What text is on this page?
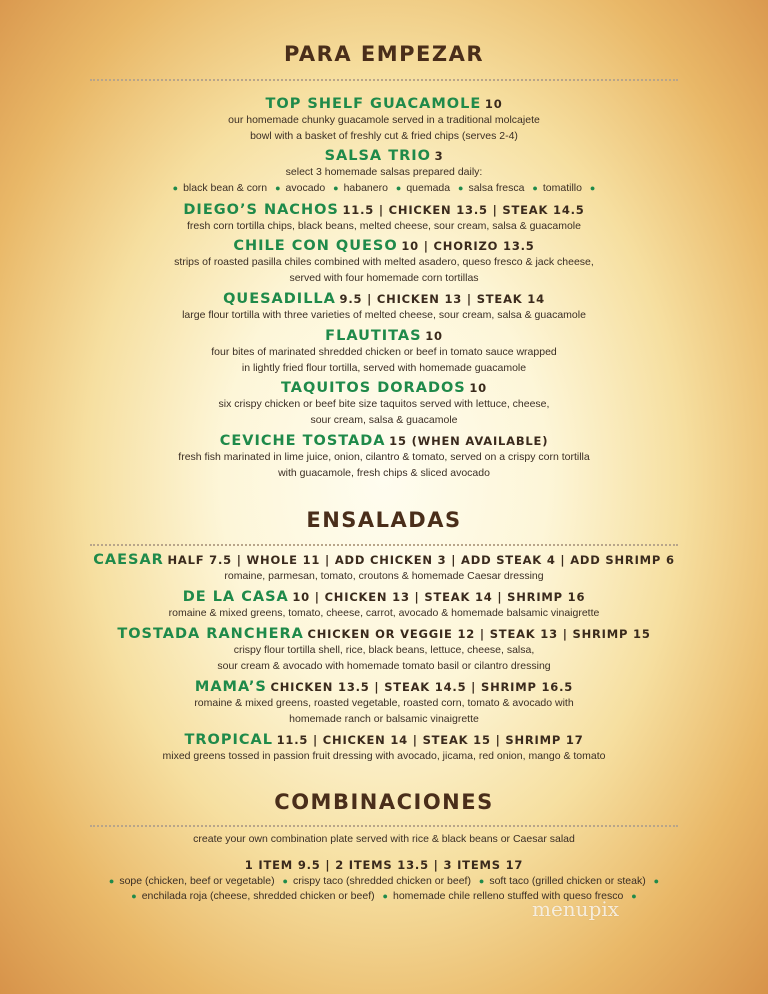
PARA EMPEZAR
TOP SHELF GUACAMOLE 10
our homemade chunky guacamole served in a traditional molcajete
bowl with a basket of freshly cut & fried chips (serves 2-4)
SALSA TRIO 3
select 3 homemade salsas prepared daily:
● black bean & corn ● avocado ● habanero ● quemada ● salsa fresca ● tomatillo ●
DIEGO’S NACHOS 11.5 | CHICKEN 13.5 | STEAK 14.5
fresh corn tortilla chips, black beans, melted cheese, sour cream, salsa & guacamole
CHILE CON QUESO 10 | CHORIZO 13.5
strips of roasted pasilla chiles combined with melted asadero, queso fresco & jack cheese,
served with four homemade corn tortillas
QUESADILLA 9.5 | CHICKEN 13 | STEAK 14
large flour tortilla with three varieties of melted cheese, sour cream, salsa & guacamole
FLAUTITAS 10
four bites of marinated shredded chicken or beef in tomato sauce wrapped
in lightly fried flour tortilla, served with homemade guacamole
TAQUITOS DORADOS 10
six crispy chicken or beef bite size taquitos served with lettuce, cheese,
sour cream, salsa & guacamole
CEVICHE TOSTADA 15 (WHEN AVAILABLE)
fresh fish marinated in lime juice, onion, cilantro & tomato, served on a crispy corn tortilla
with guacamole, fresh chips & sliced avocado
ENSALADAS
CAESAR HALF 7.5 | WHOLE 11 | ADD CHICKEN 3 | ADD STEAK 4 | ADD SHRIMP 6
romaine, parmesan, tomato, croutons & homemade Caesar dressing
DE LA CASA 10 | CHICKEN 13 | STEAK 14 | SHRIMP 16
romaine & mixed greens, tomato, cheese, carrot, avocado & homemade balsamic vinaigrette
TOSTADA RANCHERA CHICKEN OR VEGGIE 12 | STEAK 13 | SHRIMP 15
crispy flour tortilla shell, rice, black beans, lettuce, cheese, salsa,
sour cream & avocado with homemade tomato basil or cilantro dressing
MAMA’S CHICKEN 13.5 | STEAK 14.5 | SHRIMP 16.5
romaine & mixed greens, roasted vegetable, roasted corn, tomato & avocado with
homemade ranch or balsamic vinaigrette
TROPICAL 11.5 | CHICKEN 14 | STEAK 15 | SHRIMP 17
mixed greens tossed in passion fruit dressing with avocado, jicama, red onion, mango & tomato
COMBINACIONES
create your own combination plate served with rice & black beans or Caesar salad
1 ITEM 9.5 | 2 ITEMS 13.5 | 3 ITEMS 17
● sope (chicken, beef or vegetable) ● crispy taco (shredded chicken or beef) ● soft taco (grilled chicken or steak) ●
● enchilada roja (cheese, shredded chicken or beef) ● homemade chile relleno stuffed with queso fresco ●
menupix
